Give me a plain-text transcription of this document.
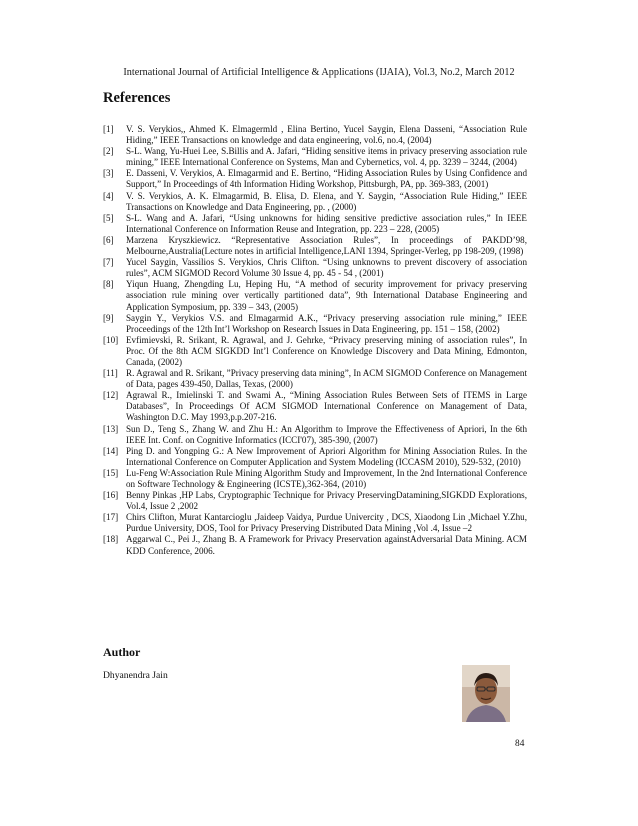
International Journal of Artificial Intelligence & Applications (IJAIA), Vol.3, No.2, March 2012
References
[1]	V. S. Verykios,, Ahmed K. Elmagermld , Elina Bertino, Yucel Saygin, Elena Dasseni, “Association Rule Hiding,” IEEE Transactions on knowledge and data engineering, vol.6, no.4, (2004)
[2]	S-L. Wang, Yu-Huei Lee, S.Billis and A. Jafari, “Hiding sensitive items in privacy preserving association rule mining,” IEEE International Conference on Systems, Man and Cybernetics, vol. 4, pp. 3239 – 3244, (2004)
[3]	E. Dasseni, V. Verykios, A. Elmagarmid and E. Bertino, “Hiding Association Rules by Using Confidence and Support,” In Proceedings of 4th Information Hiding Workshop, Pittsburgh, PA, pp. 369-383, (2001)
[4]	V. S. Verykios, A. K. Elmagarmid, B. Elisa, D. Elena, and Y. Saygin, “Association Rule Hiding,” IEEE Transactions on Knowledge and Data Engineering, pp. , (2000)
[5]	S-L. Wang and A. Jafari, “Using unknowns for hiding sensitive predictive association rules,” In IEEE International Conference on Information Reuse and Integration, pp. 223 – 228, (2005)
[6]	Marzena Kryszkiewicz. “Representative Association Rules”, In proceedings of PAKDD’98, Melbourne,Australia(Lecture notes in artificial Intelligence,LANI 1394, Springer-Verleg, pp 198-209, (1998)
[7]	Yucel Saygin, Vassilios S. Verykios, Chris Clifton. “Using unknowns to prevent discovery of association rules”, ACM SIGMOD Record Volume 30 Issue 4, pp. 45 - 54 , (2001)
[8]	Yiqun Huang, Zhengding Lu, Heping Hu, “A method of security improvement for privacy preserving association rule mining over vertically partitioned data”, 9th International Database Engineering and Application Symposium, pp. 339 – 343, (2005)
[9]	Saygin Y., Verykios V.S. and Elmagarmid A.K., “Privacy preserving association rule mining,” IEEE Proceedings of the 12th Int’l Workshop on Research Issues in Data Engineering, pp. 151 – 158, (2002)
[10] Evfimievski, R. Srikant, R. Agrawal, and J. Gehrke, “Privacy preserving mining of association rules”, In Proc. Of the 8th ACM SIGKDD Int’l Conference on Knowledge Discovery and Data Mining, Edmonton, Canada, (2002)
[11] R. Agrawal and R. Srikant, ”Privacy preserving data mining”, In ACM SIGMOD Conference on Management of Data, pages 439-450, Dallas, Texas, (2000)
[12] Agrawal R., Imielinski T. and Swami A., “Mining Association Rules Between Sets of ITEMS in Large Databases”, In Proceedings Of ACM SIGMOD International Conference on Management of Data, Washington D.C. May 1993,p.p.207-216.
[13] Sun D., Teng S., Zhang W. and Zhu H.: An Algorithm to Improve the Effectiveness of Apriori, In the 6th IEEE Int. Conf. on Cognitive Informatics (ICCI'07), 385-390, (2007)
[14] Ping D. and Yongping G.: A New Improvement of Apriori Algorithm for Mining Association Rules. In the International Conference on Computer Application and System Modeling (ICCASM 2010), 529-532, (2010)
[15] Lu-Feng W:Association Rule Mining Algorithm Study and Improvement, In the 2nd International Conference on Software Technology & Engineering (ICSTE),362-364, (2010)
[16] Benny Pinkas ,HP Labs, Cryptographic Technique for Privacy PreservingDatamining,SIGKDD Explorations, Vol.4, Issue 2 ,2002
[17] Chirs Clifton, Murat Kantarcioglu ,Jaideep Vaidya, Purdue Univercity , DCS, Xiaodong Lin ,Michael Y.Zhu, Purdue University, DOS, Tool for Privacy Preserving Distributed Data Mining ,Vol .4, Issue –2
[18] Aggarwal C., Pei J., Zhang B. A Framework for Privacy Preservation againstAdversarial Data Mining. ACM KDD Conference, 2006.
Author
Dhyanendra Jain
84
